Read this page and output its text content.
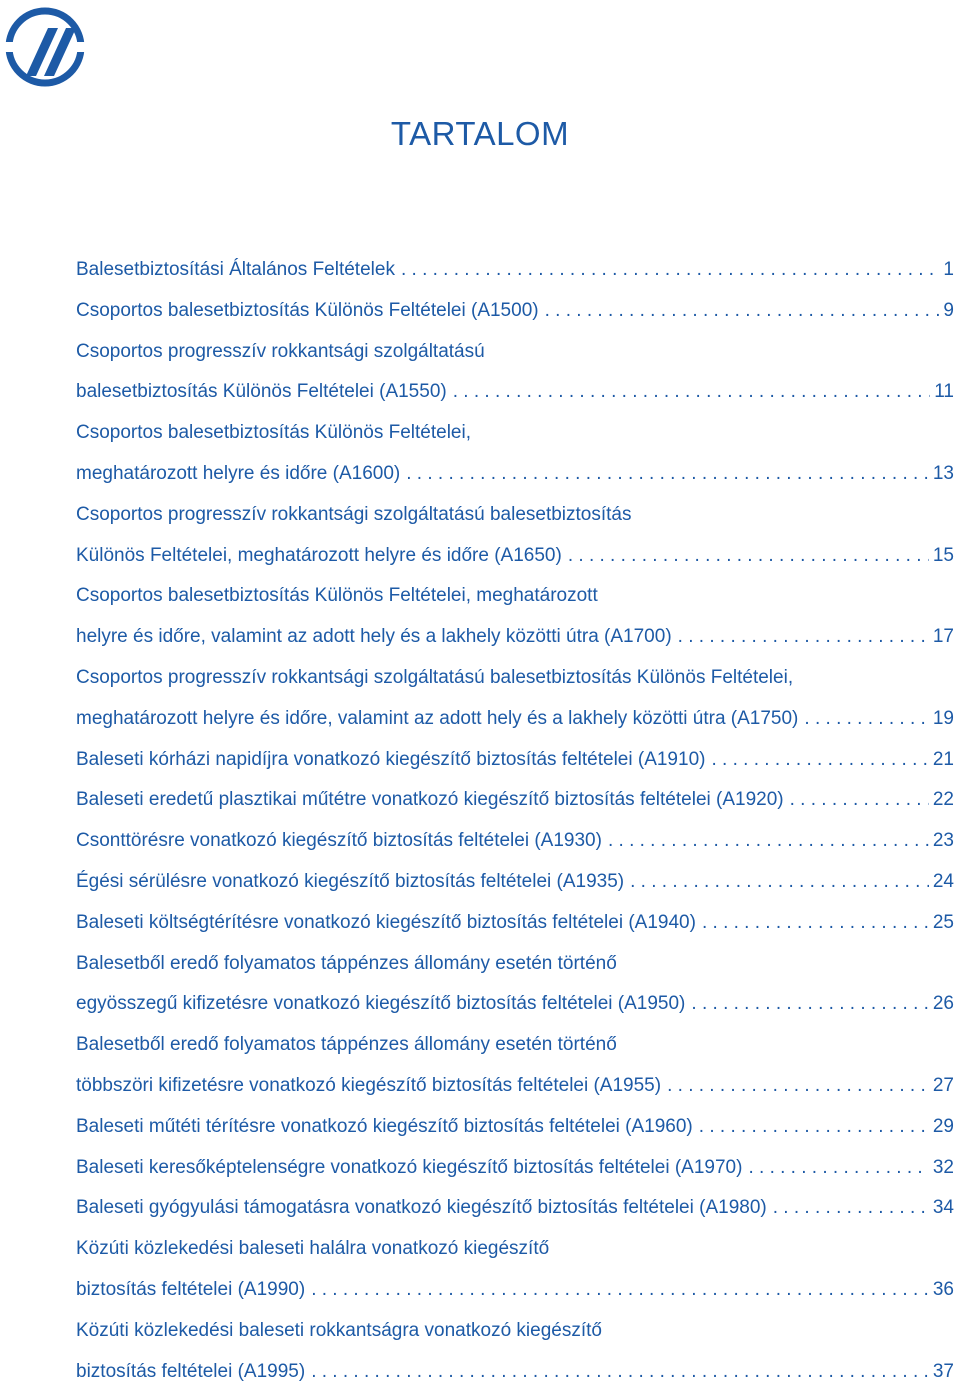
TARTALOM
Balesetbiztosítási Általános Feltételek . . .	1
Csoportos balesetbiztosítás Különös Feltételei (A1500) . . .	9
Csoportos progresszív rokkantsági szolgáltatású
balesetbiztosítás Különös Feltételei (A1550) . . .	11
Csoportos balesetbiztosítás Különös Feltételei,
meghatározott helyre és időre (A1600) . . .	13
Csoportos progresszív rokkantsági szolgáltatású balesetbiztosítás
Különös Feltételei, meghatározott helyre és időre (A1650) . . .	15
Csoportos balesetbiztosítás Különös Feltételei, meghatározott
helyre és időre, valamint az adott hely és a lakhely közötti útra (A1700) . . .	17
Csoportos progresszív rokkantsági szolgáltatású balesetbiztosítás Különös Feltételei,
meghatározott helyre és időre, valamint az adott hely és a lakhely közötti útra (A1750) . . .	19
Baleseti kórházi napidíjra vonatkozó kiegészítő biztosítás feltételei (A1910) . . .	21
Baleseti eredetű plasztikai műtétre vonatkozó kiegészítő biztosítás feltételei (A1920) . . .	22
Csonttörésre vonatkozó kiegészítő biztosítás feltételei (A1930) . . .	23
Égési sérülésre vonatkozó kiegészítő biztosítás feltételei (A1935) . . .	24
Baleseti költségtérítésre vonatkozó kiegészítő biztosítás feltételei (A1940) . . .	25
Balesetből eredő folyamatos táppénzes állomány esetén történő
egyösszegű kifizetésre vonatkozó kiegészítő biztosítás feltételei (A1950) . . .	26
Balesetből eredő folyamatos táppénzes állomány esetén történő
többszöri kifizetésre vonatkozó kiegészítő biztosítás feltételei (A1955) . . .	27
Baleseti műtéti térítésre vonatkozó kiegészítő biztosítás feltételei (A1960) . . .	29
Baleseti keresőképtelenségre vonatkozó kiegészítő biztosítás feltételei (A1970) . . .	32
Baleseti gyógyulási támogatásra vonatkozó kiegészítő biztosítás feltételei (A1980) . . .	34
Közúti közlekedési baleseti halálra vonatkozó kiegészítő
biztosítás feltételei (A1990) . . .	36
Közúti közlekedési baleseti rokkantságra vonatkozó kiegészítő
biztosítás feltételei (A1995) . . .	37
